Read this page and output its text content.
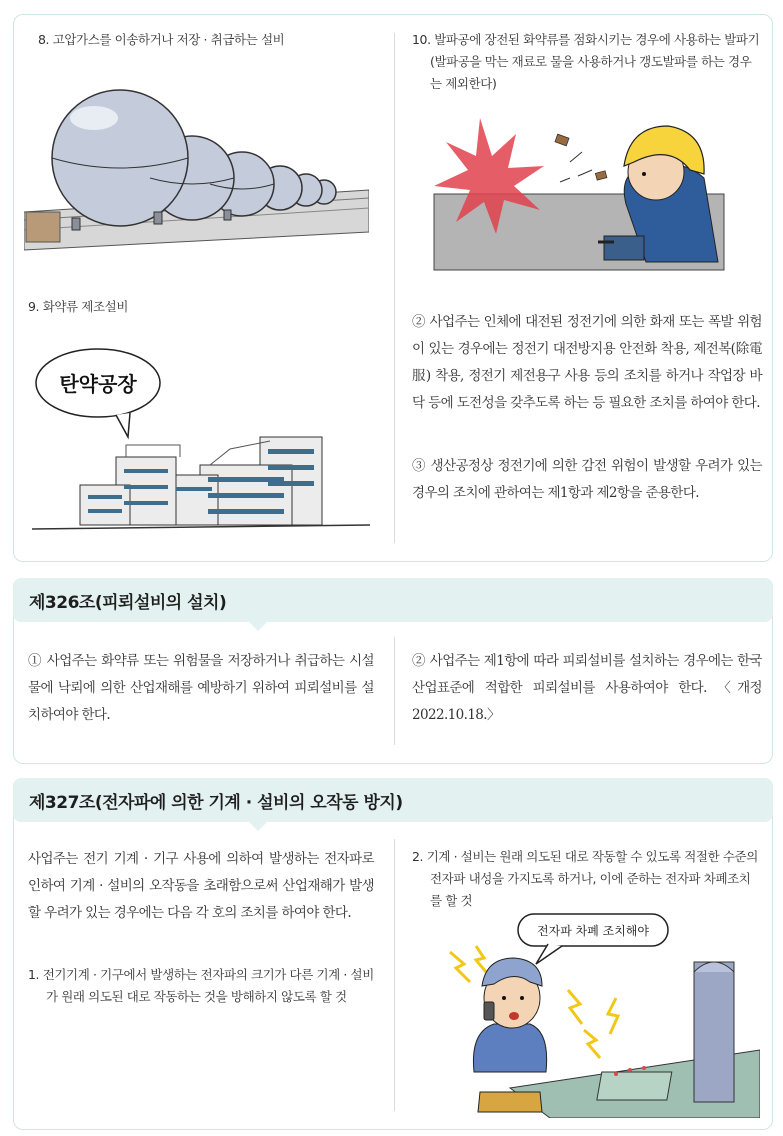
8. 고압가스를 이송하거나 저장 · 취급하는 설비
9. 화약류 제조설비
탄약공장
10. 발파공에 장전된 화약류를 점화시키는 경우에 사용하는 발파기(발파공을 막는 재료로 물을 사용하거나 갱도발파를 하는 경우는 제외한다)
② 사업주는 인체에 대전된 정전기에 의한 화재 또는 폭발 위험이 있는 경우에는 정전기 대전방지용 안전화 착용, 제전복(除電服) 착용, 정전기 제전용구 사용 등의 조치를 하거나 작업장 바닥 등에 도전성을 갖추도록 하는 등 필요한 조치를 하여야 한다.
③ 생산공정상 정전기에 의한 감전 위험이 발생할 우려가 있는 경우의 조치에 관하여는 제1항과 제2항을 준용한다.
제326조(피뢰설비의 설치)
① 사업주는 화약류 또는 위험물을 저장하거나 취급하는 시설물에 낙뢰에 의한 산업재해를 예방하기 위하여 피뢰설비를 설치하여야 한다.
② 사업주는 제1항에 따라 피뢰설비를 설치하는 경우에는 한국산업표준에 적합한 피뢰설비를 사용하여야 한다. 〈개정 2022.10.18.〉
제327조(전자파에 의한 기계 · 설비의 오작동 방지)
사업주는 전기 기계 · 기구 사용에 의하여 발생하는 전자파로 인하여 기계 · 설비의 오작동을 초래함으로써 산업재해가 발생할 우려가 있는 경우에는 다음 각 호의 조치를 하여야 한다.
1. 전기기계 · 기구에서 발생하는 전자파의 크기가 다른 기계 · 설비가 원래 의도된 대로 작동하는 것을 방해하지 않도록 할 것
2. 기계 · 설비는 원래 의도된 대로 작동할 수 있도록 적절한 수준의 전자파 내성을 가지도록 하거나, 이에 준하는 전자파 차폐조치를 할 것
전자파 차폐 조치해야
